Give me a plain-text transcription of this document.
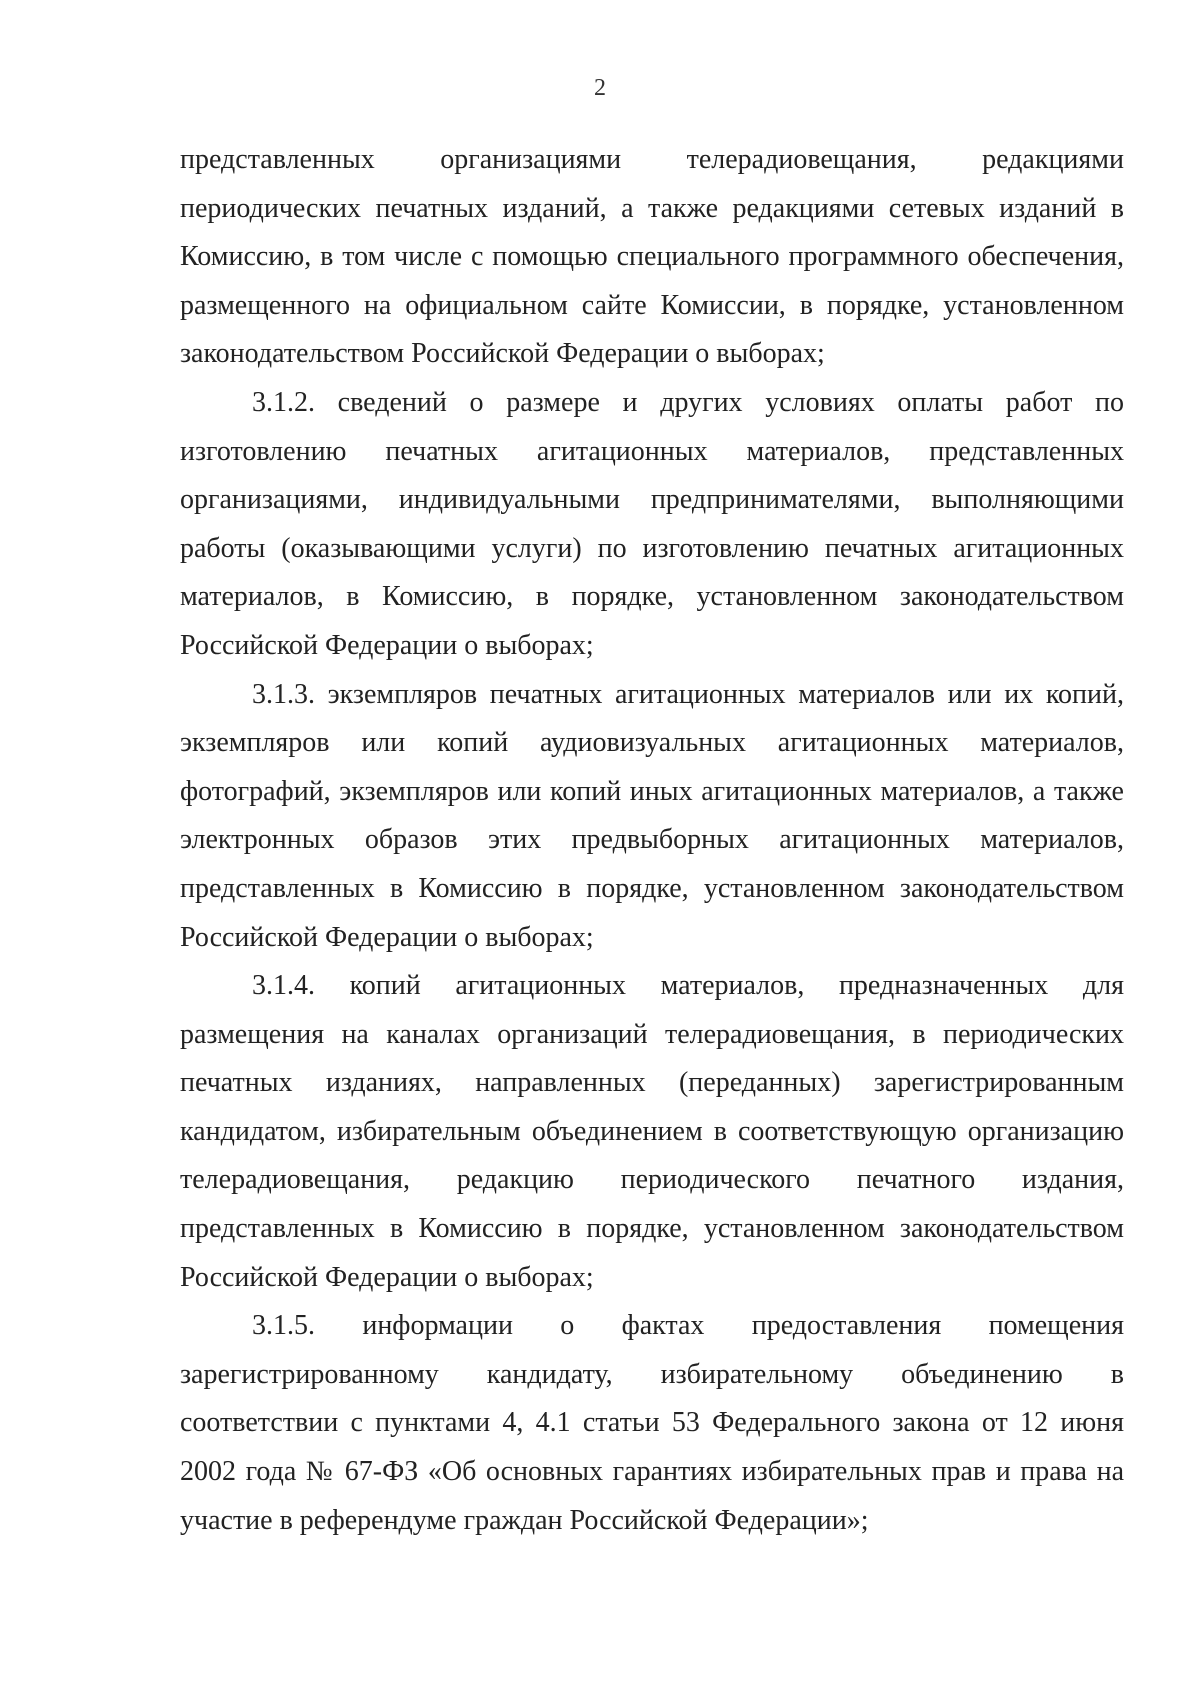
2

представленных организациями телерадиовещания, редакциями периодических печатных изданий, а также редакциями сетевых изданий в Комиссию, в том числе с помощью специального программного обеспечения, размещенного на официальном сайте Комиссии, в порядке, установленном законодательством Российской Федерации о выборах;

3.1.2. сведений о размере и других условиях оплаты работ по изготовлению печатных агитационных материалов, представленных организациями, индивидуальными предпринимателями, выполняющими работы (оказывающими услуги) по изготовлению печатных агитационных материалов, в Комиссию, в порядке, установленном законодательством Российской Федерации о выборах;

3.1.3. экземпляров печатных агитационных материалов или их копий, экземпляров или копий аудиовизуальных агитационных материалов, фотографий, экземпляров или копий иных агитационных материалов, а также электронных образов этих предвыборных агитационных материалов, представленных в Комиссию в порядке, установленном законодательством Российской Федерации о выборах;

3.1.4. копий агитационных материалов, предназначенных для размещения на каналах организаций телерадиовещания, в периодических печатных изданиях, направленных (переданных) зарегистрированным кандидатом, избирательным объединением в соответствующую организацию телерадиовещания, редакцию периодического печатного издания, представленных в Комиссию в порядке, установленном законодательством Российской Федерации о выборах;

3.1.5. информации о фактах предоставления помещения зарегистрированному кандидату, избирательному объединению в соответствии с пунктами 4, 4.1 статьи 53 Федерального закона от 12 июня 2002 года № 67-ФЗ «Об основных гарантиях избирательных прав и права на участие в референдуме граждан Российской Федерации»;
